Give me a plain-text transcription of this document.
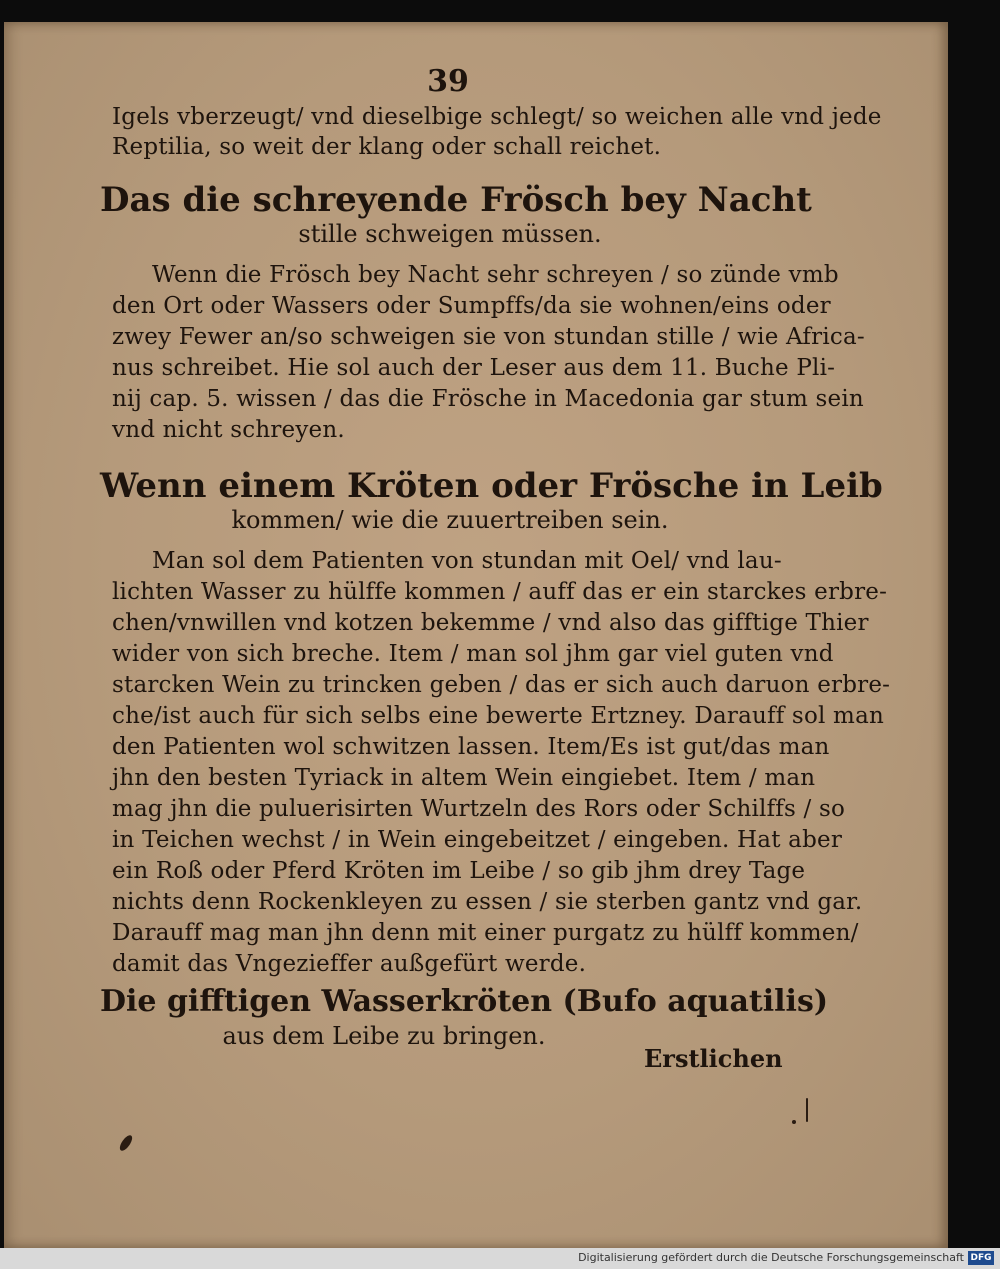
39
Igels vberzeugt/ vnd dieselbige schlegt/ so weichen alle vnd jede
Reptilia, so weit der klang oder schall reichet.
Das die schreyende Frösch bey Nacht
stille schweigen müssen.
Wenn die Frösch bey Nacht sehr schreyen / so zünde vmb
den Ort oder Wassers oder Sumpffs/da sie wohnen/eins oder
zwey Fewer an/so schweigen sie von stundan stille / wie Africa-
nus schreibet. Hie sol auch der Leser aus dem 11. Buche Pli-
nij cap. 5. wissen / das die Frösche in Macedonia gar stum sein
vnd nicht schreyen.
Wenn einem Kröten oder Frösche in Leib
kommen/ wie die zuuertreiben sein.
Man sol dem Patienten von stundan mit Oel/ vnd lau-
lichten Wasser zu hülffe kommen / auff das er ein starckes erbre-
chen/vnwillen vnd kotzen bekemme / vnd also das gifftige Thier
wider von sich breche. Item / man sol jhm gar viel guten vnd
starcken Wein zu trincken geben / das er sich auch daruon erbre-
che/ist auch für sich selbs eine bewerte Ertzney. Darauff sol man
den Patienten wol schwitzen lassen. Item/Es ist gut/das man
jhn den besten Tyriack in altem Wein eingiebet. Item / man
mag jhn die puluerisirten Wurtzeln des Rors oder Schilffs / so
in Teichen wechst / in Wein eingebeitzet / eingeben. Hat aber
ein Roß oder Pferd Kröten im Leibe / so gib jhm drey Tage
nichts denn Rockenkleyen zu essen / sie sterben gantz vnd gar.
Darauff mag man jhn denn mit einer purgatz zu hülff kommen/
damit das Vngezieffer außgefürt werde.
Die gifftigen Wasserkröten (Bufo aquatilis)
aus dem Leibe zu bringen.
Erstlichen
Digitalisierung gefördert durch die Deutsche Forschungsgemeinschaft DFG
